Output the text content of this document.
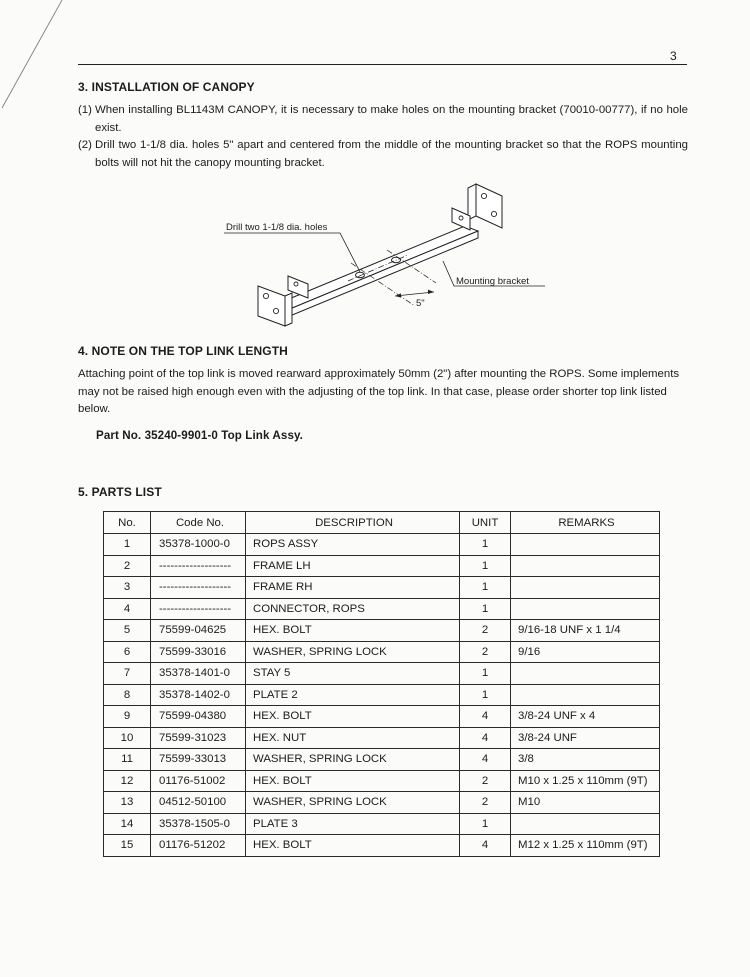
3
3. INSTALLATION OF CANOPY
(1) When installing BL1143M CANOPY, it is necessary to make holes on the mounting bracket (70010-00777), if no hole exist.
(2) Drill two 1-1/8 dia. holes 5" apart and centered from the middle of the mounting bracket so that the ROPS mounting bolts will not hit the canopy mounting bracket.
5"
Drill two 1-1/8 dia. holes
Mounting bracket
4. NOTE ON THE TOP LINK LENGTH
Attaching point of the top link is moved rearward approximately 50mm (2") after mounting the ROPS. Some implements may not be raised high enough even with the adjusting of the top link. In that case, please order shorter top link listed below.
Part No. 35240-9901-0 Top Link Assy.
5. PARTS LIST
No.	Code No.	DESCRIPTION	UNIT	REMARKS
1	35378-1000-0	ROPS ASSY	1	
2	-------------------	FRAME LH	1	
3	-------------------	FRAME RH	1	
4	-------------------	CONNECTOR, ROPS	1	
5	75599-04625	HEX. BOLT	2	9/16-18 UNF x 1 1/4
6	75599-33016	WASHER, SPRING LOCK	2	9/16
7	35378-1401-0	STAY 5	1	
8	35378-1402-0	PLATE 2	1	
9	75599-04380	HEX. BOLT	4	3/8-24 UNF x 4
10	75599-31023	HEX. NUT	4	3/8-24 UNF
11	75599-33013	WASHER, SPRING LOCK	4	3/8
12	01176-51002	HEX. BOLT	2	M10 x 1.25 x 110mm (9T)
13	04512-50100	WASHER, SPRING LOCK	2	M10
14	35378-1505-0	PLATE 3	1	
15	01176-51202	HEX. BOLT	4	M12 x 1.25 x 110mm (9T)
